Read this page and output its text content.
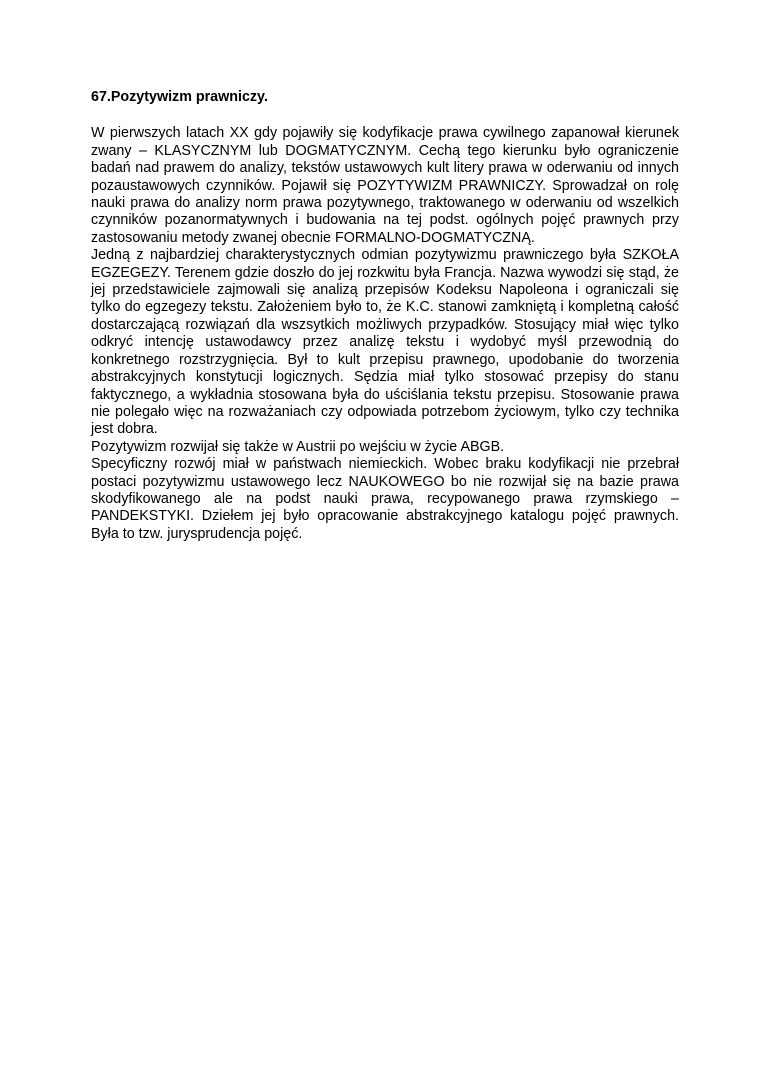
67.Pozytywizm prawniczy.

W pierwszych latach XX gdy pojawiły się kodyfikacje prawa cywilnego zapanował kierunek zwany – KLASYCZNYM lub DOGMATYCZNYM. Cechą tego kierunku było ograniczenie badań nad prawem do analizy, tekstów ustawowych kult litery prawa w oderwaniu od innych pozaustawowych czynników. Pojawił się POZYTYWIZM PRAWNICZY. Sprowadzał on rolę nauki prawa do analizy norm prawa pozytywnego, traktowanego w oderwaniu od wszelkich czynników pozanormatywnych i budowania na tej podst. ogólnych pojęć prawnych przy zastosowaniu metody zwanej obecnie FORMALNO-DOGMATYCZNĄ.

Jedną z najbardziej charakterystycznych odmian pozytywizmu prawniczego była SZKOŁA EGZEGEZY. Terenem gdzie doszło do jej rozkwitu była Francja. Nazwa wywodzi się stąd, że jej przedstawiciele zajmowali się analizą przepisów Kodeksu Napoleona i ograniczali się tylko do egzegezy tekstu. Założeniem było to, że K.C. stanowi zamkniętą i kompletną całość dostarczającą rozwiązań dla wszsytkich możliwych przypadków. Stosujący miał więc tylko odkryć intencję ustawodawcy przez analizę tekstu i wydobyć myśl przewodnią do konkretnego rozstrzygnięcia. Był to kult przepisu prawnego, upodobanie do tworzenia abstrakcyjnych konstytucji logicznych. Sędzia miał tylko stosować przepisy do stanu faktycznego, a wykładnia stosowana była do uściślania tekstu przepisu. Stosowanie prawa nie polegało więc na rozważaniach czy odpowiada potrzebom życiowym, tylko czy technika jest dobra.

Pozytywizm rozwijał się także w Austrii po wejściu w życie ABGB.

Specyficzny rozwój miał w państwach niemieckich. Wobec braku kodyfikacji nie przebrał postaci pozytywizmu ustawowego lecz NAUKOWEGO bo nie rozwijał się na bazie prawa skodyfikowanego ale na podst nauki prawa, recypowanego prawa rzymskiego – PANDEKSTYKI. Dziełem jej było opracowanie abstrakcyjnego katalogu pojęć prawnych. Była to tzw. jurysprudencja pojęć.
